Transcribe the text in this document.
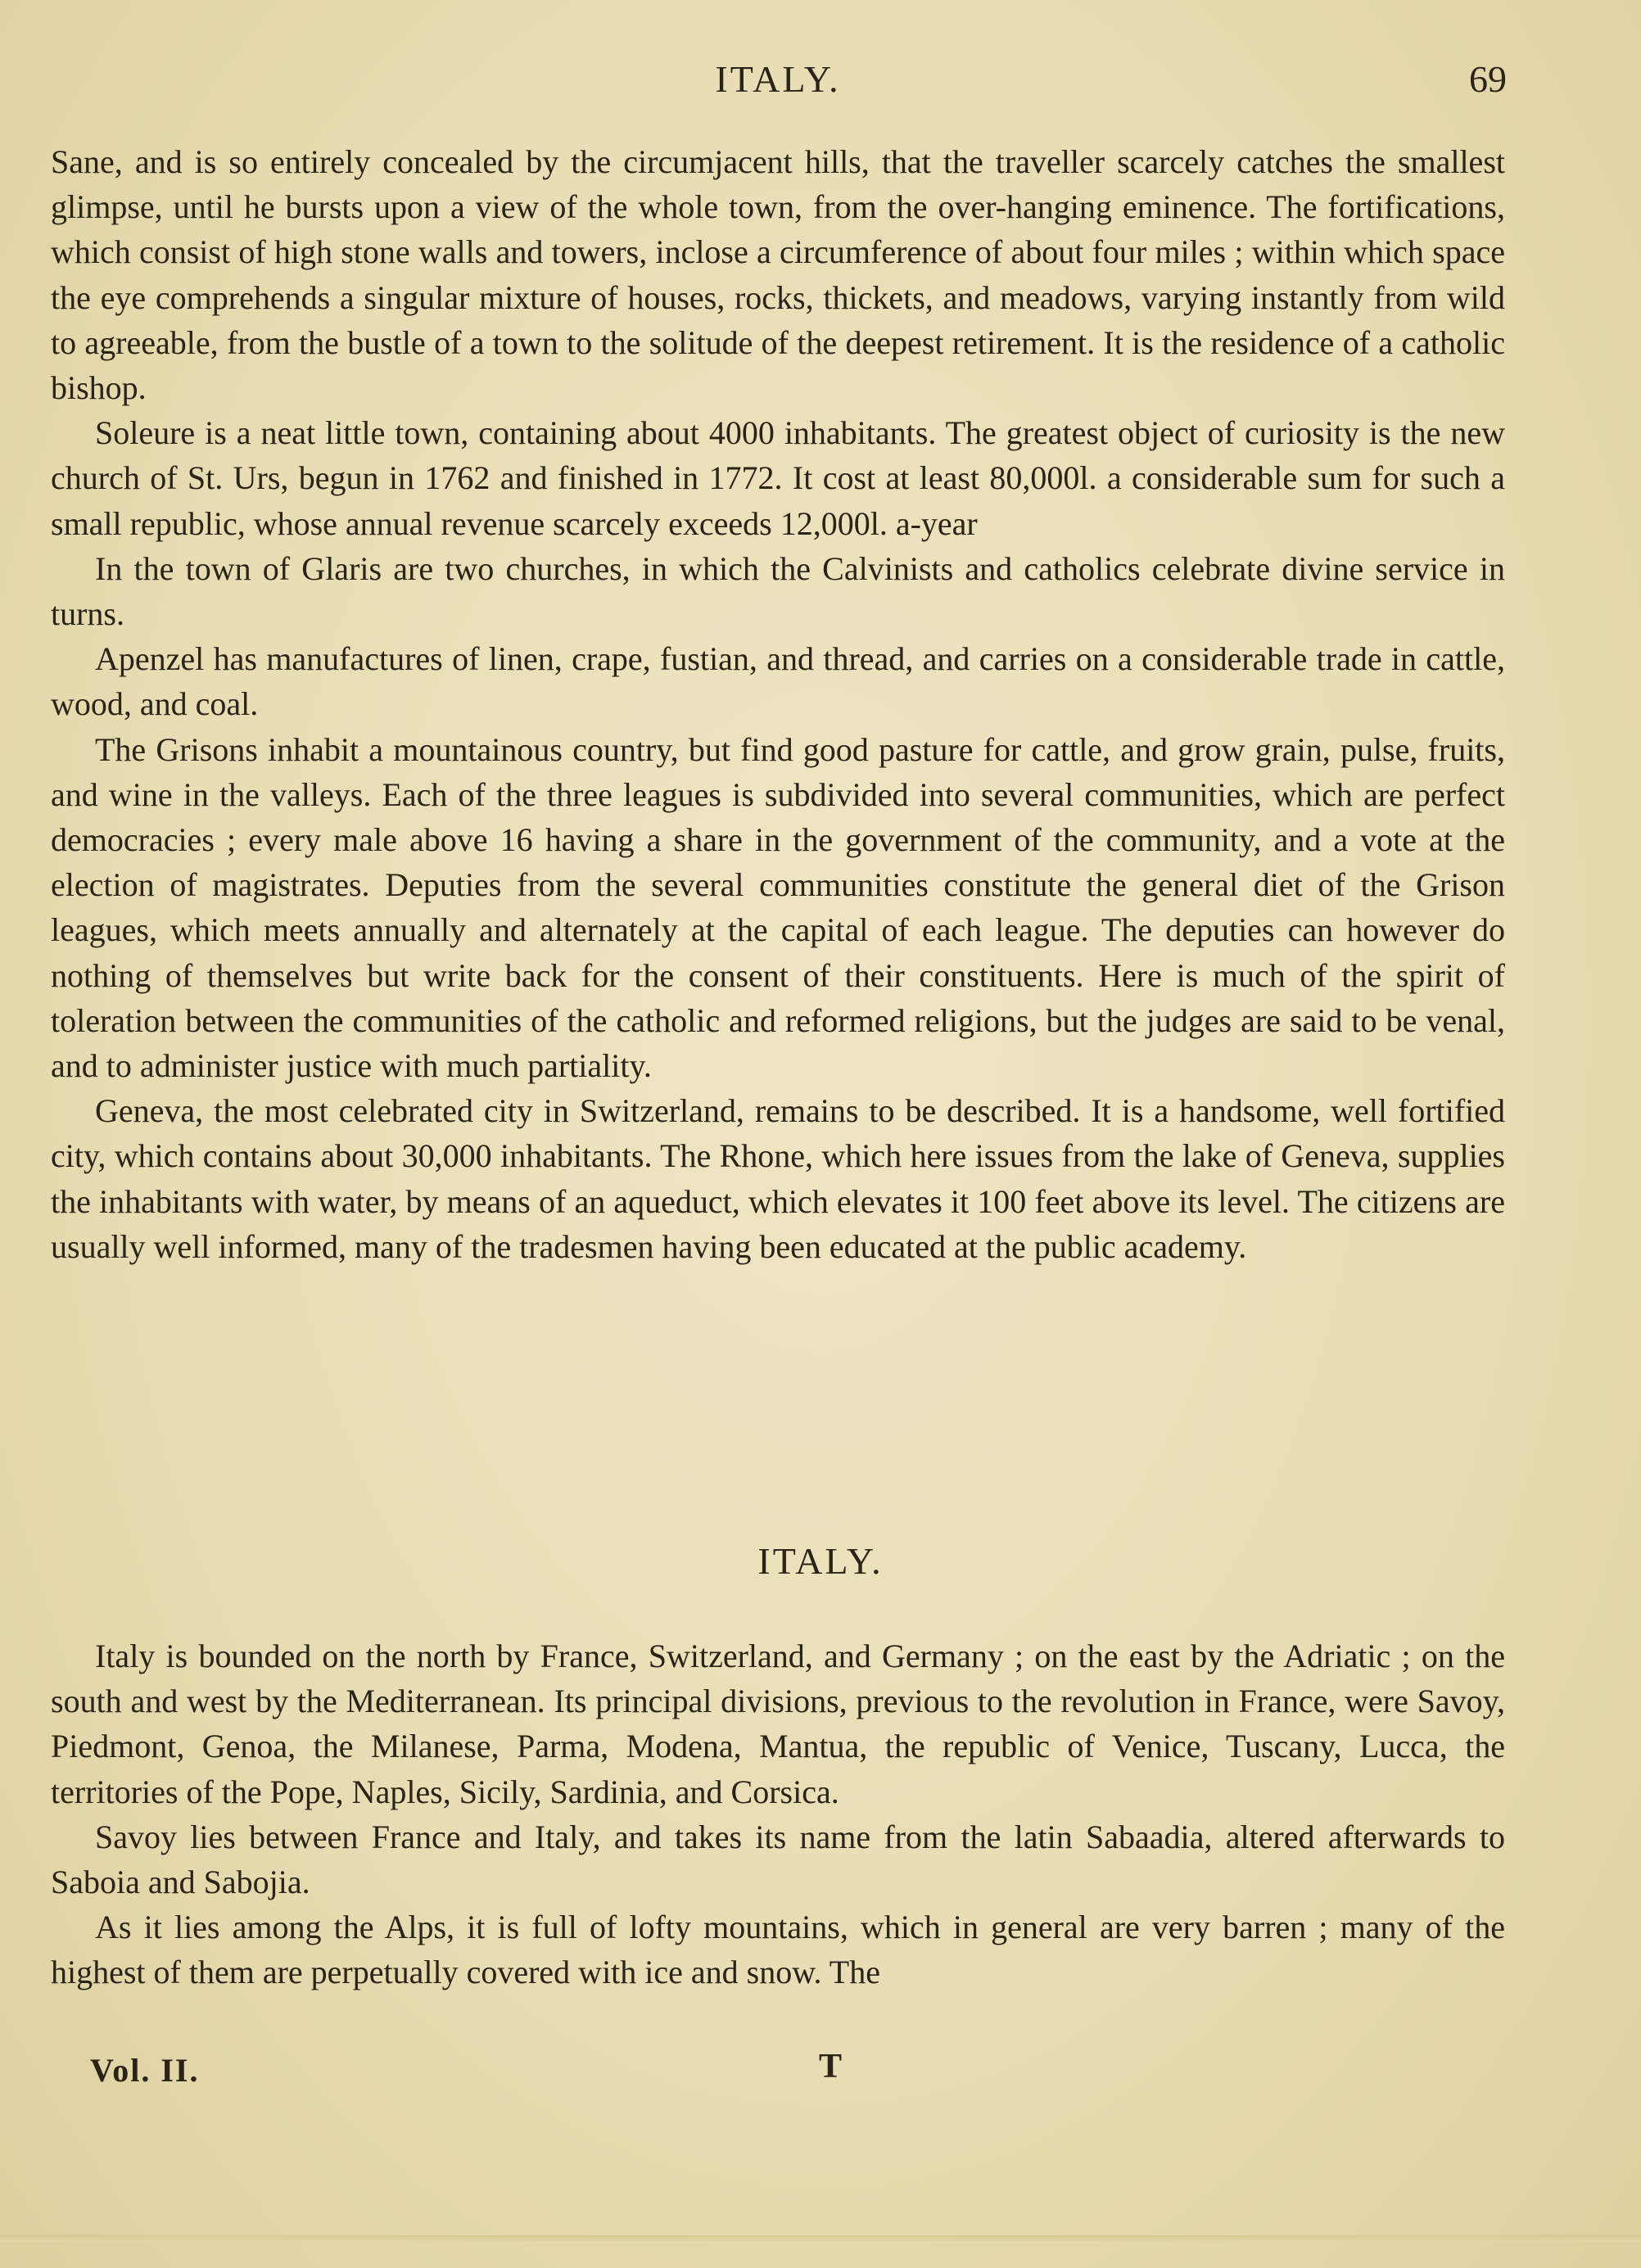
ITALY.	69

Sane, and is so entirely concealed by the circumjacent hills, that the traveller scarcely catches the smallest glimpse, until he bursts upon a view of the whole town, from the over-hanging eminence. The fortifications, which consist of high stone walls and towers, inclose a circumference of about four miles ; within which space the eye comprehends a singular mixture of houses, rocks, thickets, and meadows, varying instantly from wild to agreeable, from the bustle of a town to the solitude of the deepest retirement. It is the residence of a catholic bishop.

Soleure is a neat little town, containing about 4000 inhabitants. The greatest object of curiosity is the new church of St. Urs, begun in 1762 and finished in 1772. It cost at least 80,000l. a considerable sum for such a small republic, whose annual revenue scarcely exceeds 12,000l. a-year

In the town of Glaris are two churches, in which the Calvinists and catholics celebrate divine service in turns.

Apenzel has manufactures of linen, crape, fustian, and thread, and carries on a considerable trade in cattle, wood, and coal.

The Grisons inhabit a mountainous country, but find good pasture for cattle, and grow grain, pulse, fruits, and wine in the valleys. Each of the three leagues is subdivided into several communities, which are perfect democracies ; every male above 16 having a share in the government of the community, and a vote at the election of magistrates. Deputies from the several communities constitute the general diet of the Grison leagues, which meets annually and alternately at the capital of each league. The deputies can however do nothing of themselves but write back for the consent of their constituents. Here is much of the spirit of toleration between the communities of the catholic and reformed religions, but the judges are said to be venal, and to administer justice with much partiality.

Geneva, the most celebrated city in Switzerland, remains to be described. It is a handsome, well fortified city, which contains about 30,000 inhabitants. The Rhone, which here issues from the lake of Geneva, supplies the inhabitants with water, by means of an aqueduct, which elevates it 100 feet above its level. The citizens are usually well informed, many of the tradesmen having been educated at the public academy.

ITALY.

Italy is bounded on the north by France, Switzerland, and Germany ; on the east by the Adriatic ; on the south and west by the Mediterranean. Its principal divisions, previous to the revolution in France, were Savoy, Piedmont, Genoa, the Milanese, Parma, Modena, Mantua, the republic of Venice, Tuscany, Lucca, the territories of the Pope, Naples, Sicily, Sardinia, and Corsica.

Savoy lies between France and Italy, and takes its name from the latin Sabaadia, altered afterwards to Saboia and Sabojia.

As it lies among the Alps, it is full of lofty mountains, which in general are very barren ; many of the highest of them are perpetually covered with ice and snow. The

Vol. II.	T
